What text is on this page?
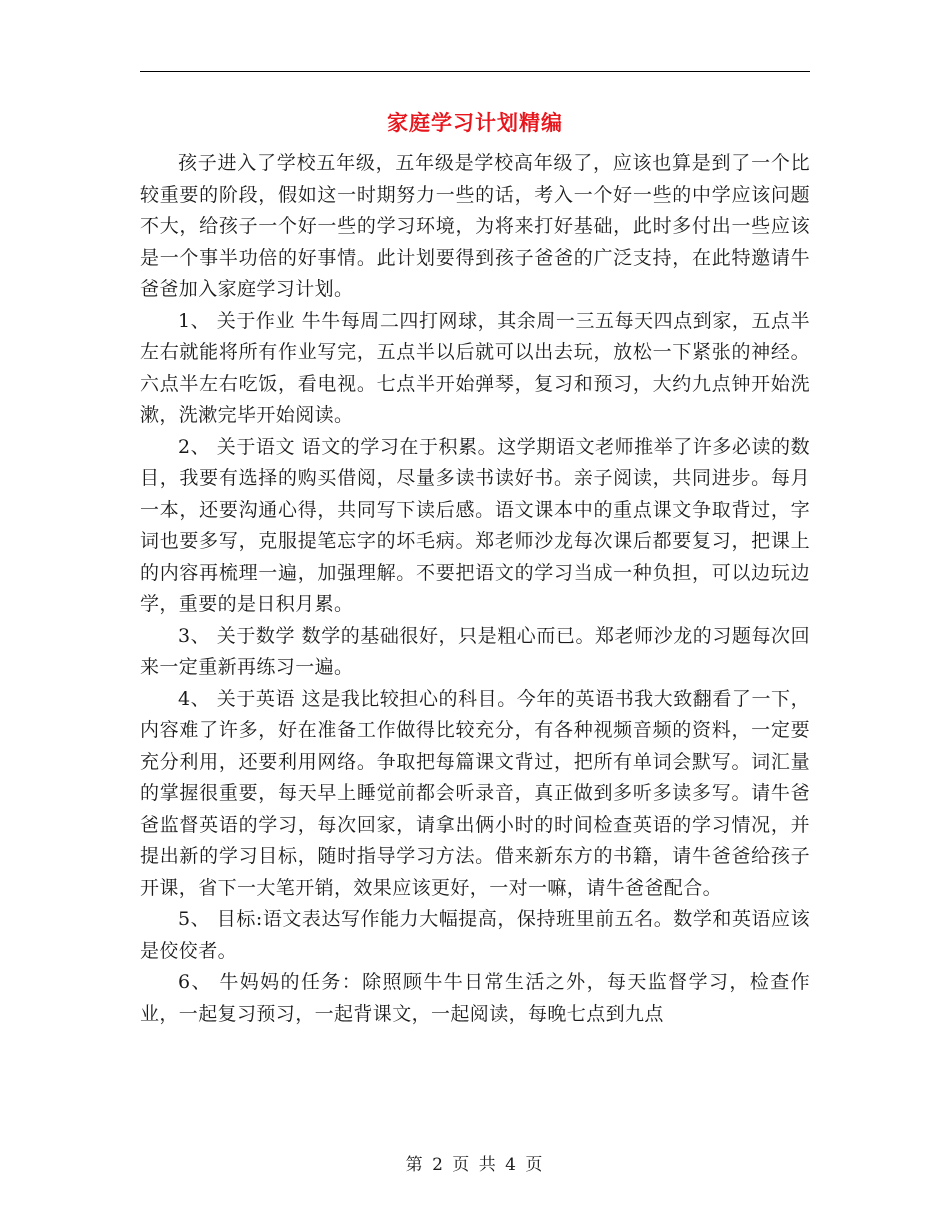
家庭学习计划精编

孩子进入了学校五年级，五年级是学校高年级了，应该也算是到了一个比较重要的阶段，假如这一时期努力一些的话，考入一个好一些的中学应该问题不大，给孩子一个好一些的学习环境，为将来打好基础，此时多付出一些应该是一个事半功倍的好事情。此计划要得到孩子爸爸的广泛支持，在此特邀请牛爸爸加入家庭学习计划。

1、 关于作业 牛牛每周二四打网球，其余周一三五每天四点到家，五点半左右就能将所有作业写完，五点半以后就可以出去玩，放松一下紧张的神经。六点半左右吃饭，看电视。七点半开始弹琴，复习和预习，大约九点钟开始洗漱，洗漱完毕开始阅读。

2、 关于语文 语文的学习在于积累。这学期语文老师推举了许多必读的数目，我要有选择的购买借阅，尽量多读书读好书。亲子阅读，共同进步。每月一本，还要沟通心得，共同写下读后感。语文课本中的重点课文争取背过，字词也要多写，克服提笔忘字的坏毛病。郑老师沙龙每次课后都要复习，把课上的内容再梳理一遍，加强理解。不要把语文的学习当成一种负担，可以边玩边学，重要的是日积月累。

3、 关于数学 数学的基础很好，只是粗心而已。郑老师沙龙的习题每次回来一定重新再练习一遍。

4、 关于英语 这是我比较担心的科目。今年的英语书我大致翻看了一下，内容难了许多，好在准备工作做得比较充分，有各种视频音频的资料，一定要充分利用，还要利用网络。争取把每篇课文背过，把所有单词会默写。词汇量的掌握很重要，每天早上睡觉前都会听录音，真正做到多听多读多写。请牛爸爸监督英语的学习，每次回家，请拿出俩小时的时间检查英语的学习情况，并提出新的学习目标，随时指导学习方法。借来新东方的书籍，请牛爸爸给孩子开课，省下一大笔开销，效果应该更好，一对一嘛，请牛爸爸配合。

5、 目标:语文表达写作能力大幅提高，保持班里前五名。数学和英语应该是佼佼者。

6、 牛妈妈的任务：除照顾牛牛日常生活之外，每天监督学习，检查作业，一起复习预习，一起背课文，一起阅读，每晚七点到九点

第 2 页 共 4 页
